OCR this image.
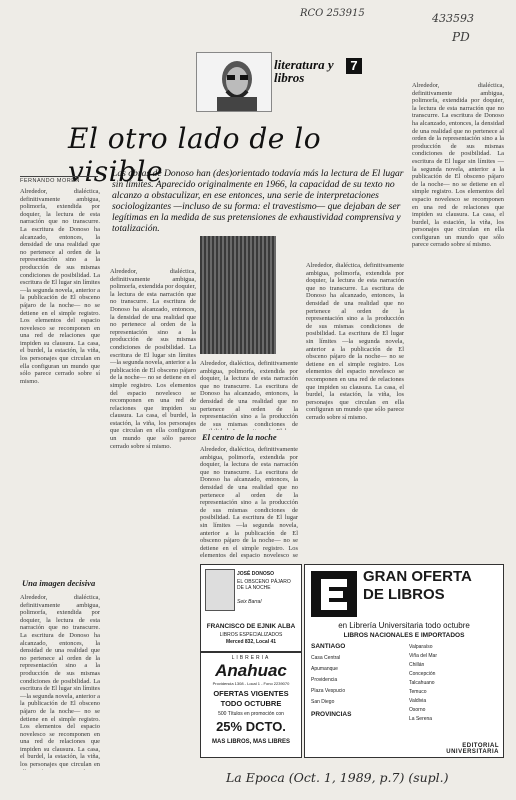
RCO 253915	433593
PD
literatura y libros
7
El otro lado de lo visible
FERNANDO MOREN
Las obras de Donoso han (des)orientado todavía más la lectura de El lugar sin límites. Aparecido originalmente en 1966, la capacidad de su texto no alcanzo a obstaculizar, en ese entonces, una serie de interpretaciones sociologizantes —incluso de su forma: el travestismo— que dejaban de ser legítimas en la medida de sus pretensiones de exhaustividad comprensiva y totalización.
Alrededor, dialéctica, definitivamente ambigua, polimorfa, extendida por doquier, la lectura de esta narración que no transcurre. La escritura de Donoso ha alcanzado, entonces, la densidad de una realidad que no pertenece al orden de la representación sino a la producción de sus mismas condiciones de posibilidad. La escritura de El lugar sin límites —la segunda novela, anterior a la publicación de El obsceno pájaro de la noche— no se detiene en el simple registro. Los elementos del espacio novelesco se recomponen en una red de relaciones que impiden su clausura. La casa, el burdel, la estación, la viña, los personajes que circulan en ella configuran un mundo que sólo parece cerrado sobre sí mismo.
Una imagen decisiva
Alrededor, dialéctica, definitivamente ambigua, polimorfa, extendida por doquier, la lectura de esta narración que no transcurre. La escritura de Donoso ha alcanzado, entonces, la densidad de una realidad que no pertenece al orden de la representación sino a la producción de sus mismas condiciones de posibilidad. La escritura de El lugar sin límites —la segunda novela, anterior a la publicación de El obsceno pájaro de la noche— no se detiene en el simple registro. Los elementos del espacio novelesco se recomponen en una red de relaciones que impiden su clausura. La casa, el burdel, la estación, la viña, los personajes que circulan en
Alrededor, dialéctica, definitivamente ambigua, polimorfa, extendida por doquier, la lectura de esta narración que no transcurre. La escritura de Donoso ha alcanzado, entonces, la densidad de una realidad que no pertenece al orden de la representación sino a la producción de sus mismas condiciones de posibilidad. La escritura de El lugar sin límites —la segunda novela, anterior a la publicación de El obsceno pájaro de la noche— no se detiene en el simple registro. Los elementos del espacio novelesco se recomponen en una red de relaciones que impiden su clausura. La casa, el burdel, la estación, la viña, los personajes que circulan en ella configuran un mundo que sólo parece cerrado sobre sí mismo.
Alrededor, dialéctica, definitivamente ambigua, polimorfa, extendida por doquier, la lectura de esta narración que no transcurre. La escritura de Donoso ha alcanzado, entonces, la densidad de una realidad que no pertenece al orden de la representación sino a la producción de sus mismas condiciones de
El centro de la noche
Alrededor, dialéctica, definitivamente ambigua, polimorfa, extendida por doquier, la lectura de esta narración que no transcurre. La escritura de Donoso ha alcanzado, entonces, la densidad de una realidad que no pertenece al orden de la representación sino a la producción de sus mismas condiciones de posibilidad. La escritura de El lugar sin límites —la segunda novela, anterior a la publicación de El obsceno pájaro de la noche— no se detiene en el simple registro. Los elementos del espacio novelesco se
Alrededor, dialéctica, definitivamente ambigua, polimorfa, extendida por doquier, la lectura de esta narración que no transcurre. La escritura de Donoso ha alcanzado, entonces, la densidad de una realidad que no pertenece al orden de la representación sino a la producción de sus mismas condiciones de posibilidad. La escritura de El lugar sin límites —la segunda novela, anterior a la publicación de El obsceno pájaro de la noche— no se detiene en el simple registro. Los elementos del espacio novelesco se recomponen en una red de relaciones que impiden su clausura. La casa, el burdel, la estación, la viña, los personajes que circulan en ella configuran un mundo que sólo parece cerrado sobre sí mismo.
Alrededor, dialéctica, definitivamente ambigua, polimorfa, extendida por doquier, la lectura de esta narración que no transcurre. La escritura de Donoso ha alcanzado, entonces, la densidad de una realidad que no pertenece al orden de la representación sino a la producción de sus mismas condiciones de posibilidad. La escritura de El lugar sin límites —la segunda novela, anterior a la publicación de El obsceno pájaro de la noche— no se detiene en el simple registro. Los elementos del espacio novelesco se recomponen en una red de relaciones que impiden su clausura. La casa, el burdel, la estación, la viña, los personajes que circulan en ella configuran un mundo que sólo parece cerrado sobre sí mismo.
JOSÉ DONOSO
EL OBSCENO PÁJARO DE LA NOCHE
Seix Barral
FRANCISCO DE EJNIK ALBA
LIBROS ESPECIALIZADOS
Merced 832, Local 41
LIBRERIA
Anahuac
Providencia 1308 - Local 1 - Fono 2239070
OFERTAS VIGENTES
TODO OCTUBRE
500 Títulos en promoción con
25% DCTO.
MAS LIBROS, MAS LIBRES
GRAN OFERTA
DE LIBROS
en Librería Universitaria todo octubre
LIBROS NACIONALES E IMPORTADOS
SANTIAGO
Casa Central
Apumanque
Providencia
Plaza Vespucio
San Diego
PROVINCIAS
Valparaíso
Viña del Mar
Chillán
Concepción
Talcahuano
Temuco
Valdivia
Osorno
La Serena
EDITORIAL UNIVERSITARIA
La Epoca (Oct. 1, 1989, p.7) (supl.)
